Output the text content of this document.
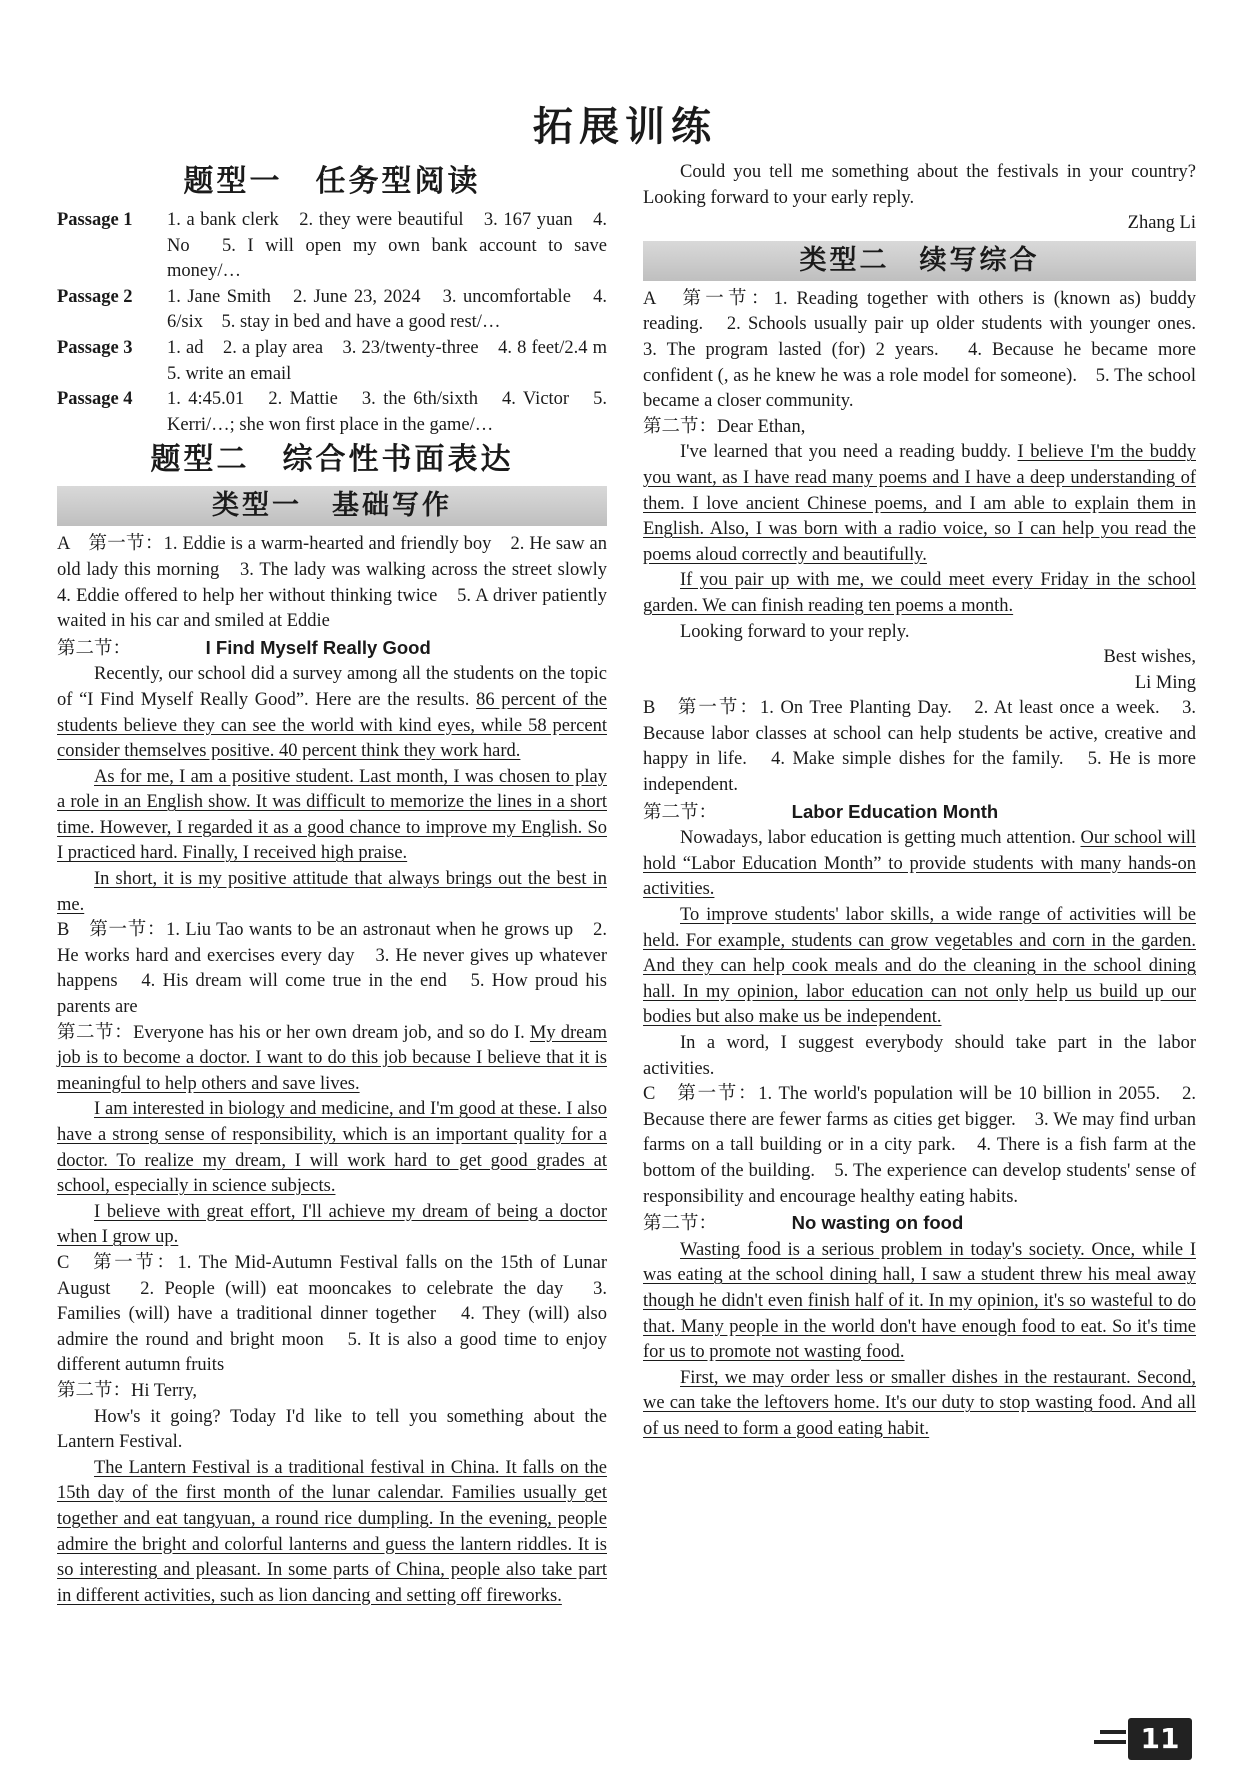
拓展训练
题型一　任务型阅读
Passage 1	1. a bank clerk　2. they were beautiful　3. 167 yuan　4. No　5. I will open my own bank account to save money/…
Passage 2	1. Jane Smith　2. June 23, 2024　3. uncomfortable　4. 6/six　5. stay in bed and have a good rest/…
Passage 3	1. ad　2. a play area　3. 23/twenty-three　4. 8 feet/2.4 m　5. write an email
Passage 4	1. 4:45.01　2. Mattie　3. the 6th/sixth　4. Victor　5. Kerri/…; she won first place in the game/…
题型二　综合性书面表达
类型一　基础写作

A　第一节：1. Eddie is a warm-hearted and friendly boy　2. He saw an old lady this morning　3. The lady was walking across the street slowly　4. Eddie offered to help her without thinking twice　5. A driver patiently waited in his car and smiled at Eddie

第二节：	I Find Myself Really Good

Recently, our school did a survey among all the students on the topic of “I Find Myself Really Good”. Here are the results. 86 percent of the students believe they can see the world with kind eyes, while 58 percent consider themselves positive. 40 percent think they work hard.

As for me, I am a positive student. Last month, I was chosen to play a role in an English show. It was difficult to memorize the lines in a short time. However, I regarded it as a good chance to improve my English. So I practiced hard. Finally, I received high praise.

In short, it is my positive attitude that always brings out the best in me.

B　第一节：1. Liu Tao wants to be an astronaut when he grows up　2. He works hard and exercises every day　3. He never gives up whatever happens　4. His dream will come true in the end　5. How proud his parents are

第二节：Everyone has his or her own dream job, and so do I. My dream job is to become a doctor. I want to do this job because I believe that it is meaningful to help others and save lives.

I am interested in biology and medicine, and I'm good at these. I also have a strong sense of responsibility, which is an important quality for a doctor. To realize my dream, I will work hard to get good grades at school, especially in science subjects.

I believe with great effort, I'll achieve my dream of being a doctor when I grow up.

C　第一节：1. The Mid-Autumn Festival falls on the 15th of Lunar August　2. People (will) eat mooncakes to celebrate the day　3. Families (will) have a traditional dinner together　4. They (will) also admire the round and bright moon　5. It is also a good time to enjoy different autumn fruits

第二节：Hi Terry,

How's it going? Today I'd like to tell you something about the Lantern Festival.

The Lantern Festival is a traditional festival in China. It falls on the 15th day of the first month of the lunar calendar. Families usually get together and eat tangyuan, a round rice dumpling. In the evening, people admire the bright and colorful lanterns and guess the lantern riddles. It is so interesting and pleasant. In some parts of China, people also take part in different activities, such as lion dancing and setting off fireworks.

Could you tell me something about the festivals in your country? Looking forward to your early reply.

Zhang Li

类型二　续写综合

A　第一节：1. Reading together with others is (known as) buddy reading.　2. Schools usually pair up older students with younger ones.　3. The program lasted (for) 2 years.　4. Because he became more confident (, as he knew he was a role model for someone).　5. The school became a closer community.

第二节：Dear Ethan,

I've learned that you need a reading buddy. I believe I'm the buddy you want, as I have read many poems and I have a deep understanding of them. I love ancient Chinese poems, and I am able to explain them in English. Also, I was born with a radio voice, so I can help you read the poems aloud correctly and beautifully.

If you pair up with me, we could meet every Friday in the school garden. We can finish reading ten poems a month.

Looking forward to your reply.

Best wishes,

Li Ming

B　第一节：1. On Tree Planting Day.　2. At least once a week.　3. Because labor classes at school can help students be active, creative and happy in life.　4. Make simple dishes for the family.　5. He is more independent.

第二节：	Labor Education Month

Nowadays, labor education is getting much attention. Our school will hold “Labor Education Month” to provide students with many hands-on activities.

To improve students' labor skills, a wide range of activities will be held. For example, students can grow vegetables and corn in the garden. And they can help cook meals and do the cleaning in the school dining hall. In my opinion, labor education can not only help us build up our bodies but also make us be independent.

In a word, I suggest everybody should take part in the labor activities.

C　第一节：1. The world's population will be 10 billion in 2055.　2. Because there are fewer farms as cities get bigger.　3. We may find urban farms on a tall building or in a city park.　4. There is a fish farm at the bottom of the building.　5. The experience can develop students' sense of responsibility and encourage healthy eating habits.

第二节：	No wasting on food

Wasting food is a serious problem in today's society. Once, while I was eating at the school dining hall, I saw a student threw his meal away though he didn't even finish half of it. In my opinion, it's so wasteful to do that. Many people in the world don't have enough food to eat. So it's time for us to promote not wasting food.

First, we may order less or smaller dishes in the restaurant. Second, we can take the leftovers home. It's our duty to stop wasting food. And all of us need to form a good eating habit.

11
